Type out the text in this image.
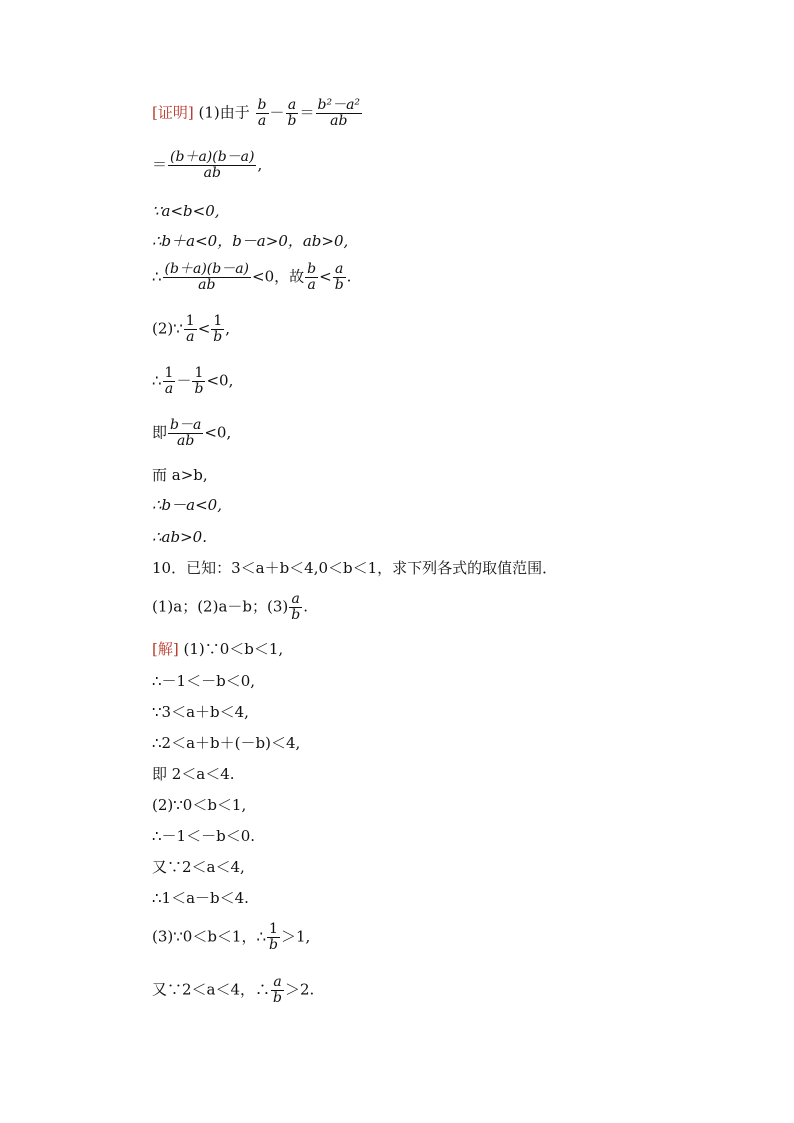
[证明] (1)由于 $\frac{b}{a} - \frac{a}{b} = \frac{\text{b²－a²}}{ab}$
＝ $\frac{(b+a)(b-a)}{ab}$ ,
∵a<b<0,
∴b＋a<0，b－a>0，ab>0,
∴ $\frac{(b+a)(b-a)}{ab} <0$，故 $\frac{b}{a} < \frac{a}{b}$ .
(2)∵ $\frac{1}{a} < \frac{1}{b}$ ,
∴ $\frac{1}{a} - \frac{1}{b} <0$,
即 $\frac{b-a}{ab} <0$,
而 a>b,
∴b－a<0,
∴ab>0.
10．已知：3＜a＋b＜4,0＜b＜1，求下列各式的取值范围．
(1)a；(2)a－b；$(3) \frac{a}{b}$ .
[解] (1)∵0＜b＜1,
∴－1＜－b＜0,
∵3＜a＋b＜4,
∴2＜a＋b＋(－b)＜4,
即 2＜a＜4.
(2)∵0＜b＜1,
∴－1＜－b＜0.
又∵2＜a＜4,
∴1＜a－b＜4.
(3)∵0＜b＜1，∴ $\frac{1}{b} >1$,
又∵2＜a＜4，∴ $\frac{a}{b} >2$.
